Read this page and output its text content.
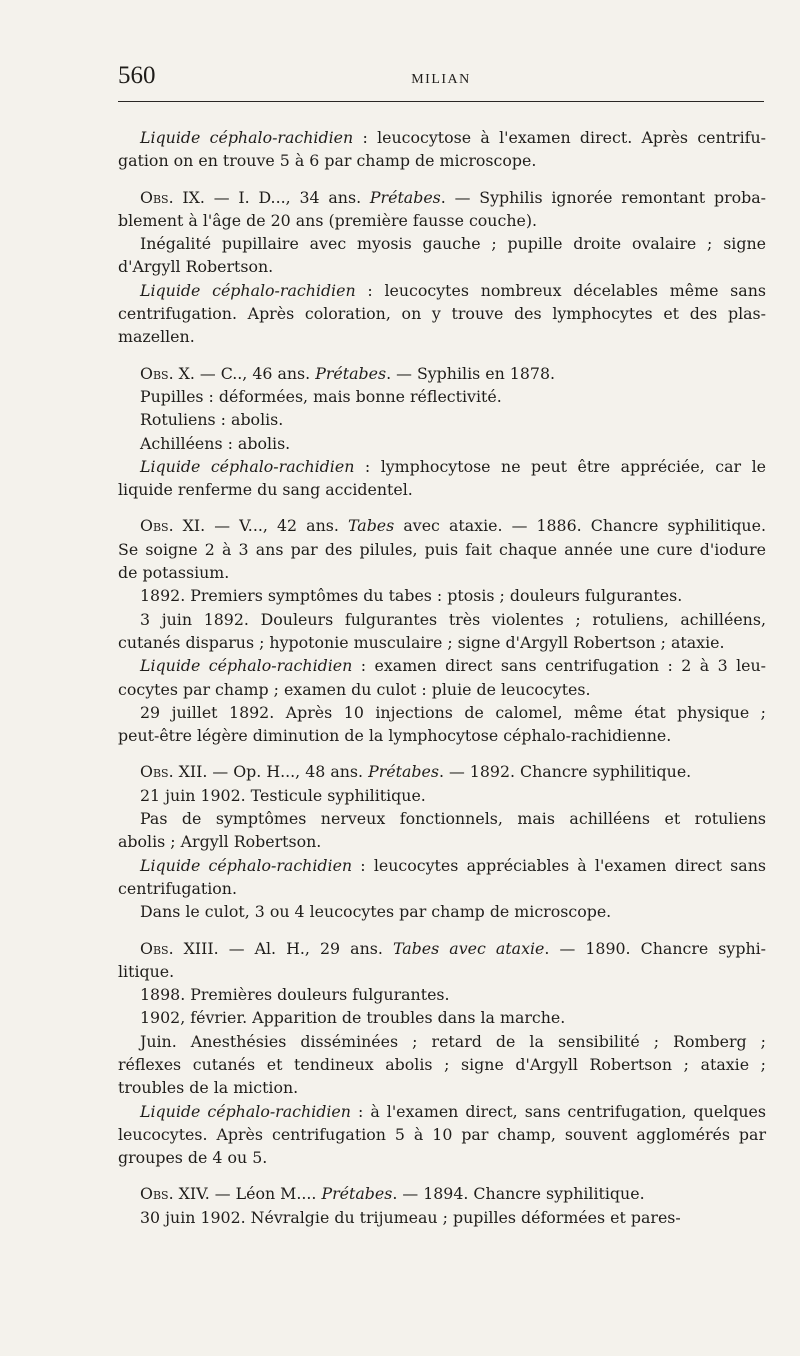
560	MILIAN
Liquide céphalo-rachidien : leucocytose à l'examen direct. Après centrifu-
gation on en trouve 5 à 6 par champ de microscope.
Obs. IX. — I. D..., 34 ans. Prétabes. — Syphilis ignorée remontant proba-
blement à l'âge de 20 ans (première fausse couche).
Inégalité pupillaire avec myosis gauche ; pupille droite ovalaire ; signe
d'Argyll Robertson.
Liquide céphalo-rachidien : leucocytes nombreux décelables même sans
centrifugation. Après coloration, on y trouve des lymphocytes et des plas-
mazellen.
Obs. X. — C.., 46 ans. Prétabes. — Syphilis en 1878.
Pupilles : déformées, mais bonne réflectivité.
Rotuliens : abolis.
Achilléens : abolis.
Liquide céphalo-rachidien : lymphocytose ne peut être appréciée, car le
liquide renferme du sang accidentel.
Obs. XI. — V..., 42 ans. Tabes avec ataxie. — 1886. Chancre syphilitique.
Se soigne 2 à 3 ans par des pilules, puis fait chaque année une cure d'iodure
de potassium.
1892. Premiers symptômes du tabes : ptosis ; douleurs fulgurantes.
3 juin 1892. Douleurs fulgurantes très violentes ; rotuliens, achilléens,
cutanés disparus ; hypotonie musculaire ; signe d'Argyll Robertson ; ataxie.
Liquide céphalo-rachidien : examen direct sans centrifugation : 2 à 3 leu-
cocytes par champ ; examen du culot : pluie de leucocytes.
29 juillet 1892. Après 10 injections de calomel, même état physique ;
peut-être légère diminution de la lymphocytose céphalo-rachidienne.
Obs. XII. — Op. H..., 48 ans. Prétabes. — 1892. Chancre syphilitique.
21 juin 1902. Testicule syphilitique.
Pas de symptômes nerveux fonctionnels, mais achilléens et rotuliens
abolis ; Argyll Robertson.
Liquide céphalo-rachidien : leucocytes appréciables à l'examen direct sans
centrifugation.
Dans le culot, 3 ou 4 leucocytes par champ de microscope.
Obs. XIII. — Al. H., 29 ans. Tabes avec ataxie. — 1890. Chancre syphi-
litique.
1898. Premières douleurs fulgurantes.
1902, février. Apparition de troubles dans la marche.
Juin. Anesthésies disséminées ; retard de la sensibilité ; Romberg ;
réflexes cutanés et tendineux abolis ; signe d'Argyll Robertson ; ataxie ;
troubles de la miction.
Liquide céphalo-rachidien : à l'examen direct, sans centrifugation, quelques
leucocytes. Après centrifugation 5 à 10 par champ, souvent agglomérés par
groupes de 4 ou 5.
Obs. XIV. — Léon M.... Prétabes. — 1894. Chancre syphilitique.
30 juin 1902. Névralgie du trijumeau ; pupilles déformées et pares-
